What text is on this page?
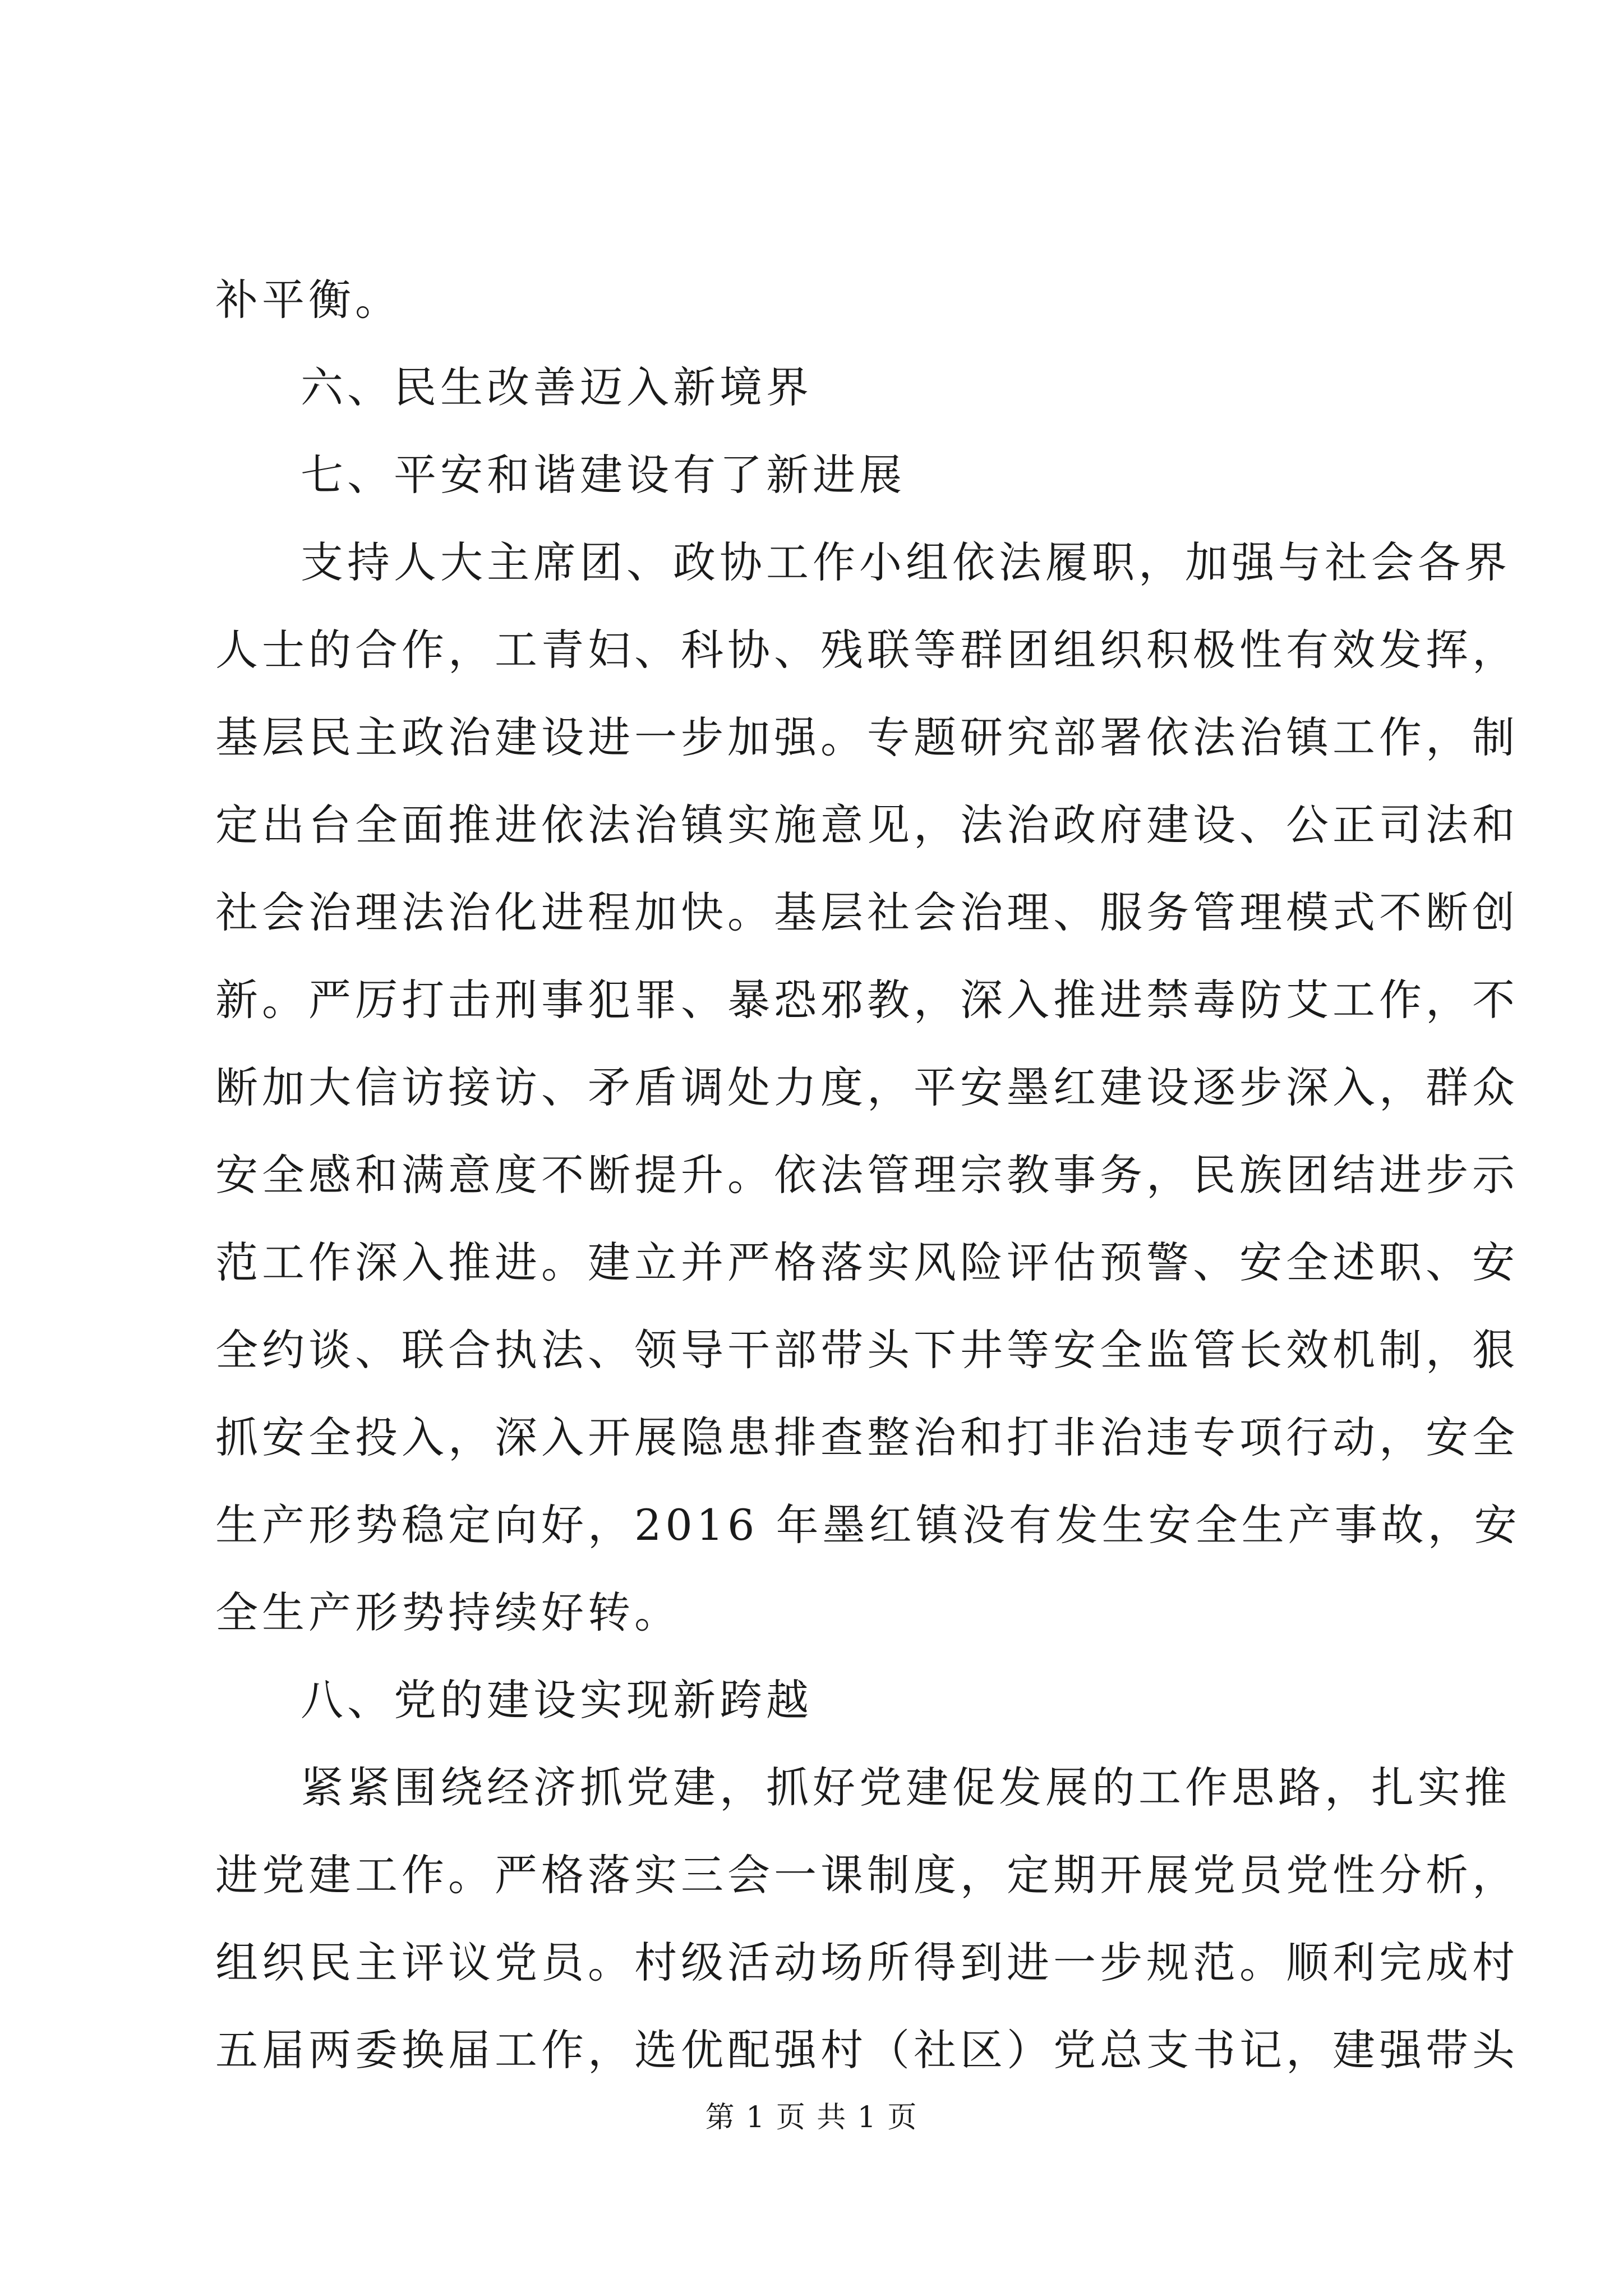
补平衡。
六、民生改善迈入新境界
七、平安和谐建设有了新进展
支持人大主席团、政协工作小组依法履职，加强与社会各界
人士的合作，工青妇、科协、残联等群团组织积极性有效发挥，
基层民主政治建设进一步加强。专题研究部署依法治镇工作，制
定出台全面推进依法治镇实施意见，法治政府建设、公正司法和
社会治理法治化进程加快。基层社会治理、服务管理模式不断创
新。严厉打击刑事犯罪、暴恐邪教，深入推进禁毒防艾工作，不
断加大信访接访、矛盾调处力度，平安墨红建设逐步深入，群众
安全感和满意度不断提升。依法管理宗教事务，民族团结进步示
范工作深入推进。建立并严格落实风险评估预警、安全述职、安
全约谈、联合执法、领导干部带头下井等安全监管长效机制，狠
抓安全投入，深入开展隐患排查整治和打非治违专项行动，安全
生产形势稳定向好，2016 年墨红镇没有发生安全生产事故，安
全生产形势持续好转。
八、党的建设实现新跨越
紧紧围绕经济抓党建，抓好党建促发展的工作思路，扎实推
进党建工作。严格落实三会一课制度，定期开展党员党性分析，
组织民主评议党员。村级活动场所得到进一步规范。顺利完成村
五届两委换届工作，选优配强村（社区）党总支书记，建强带头
第 1 页 共 1 页
